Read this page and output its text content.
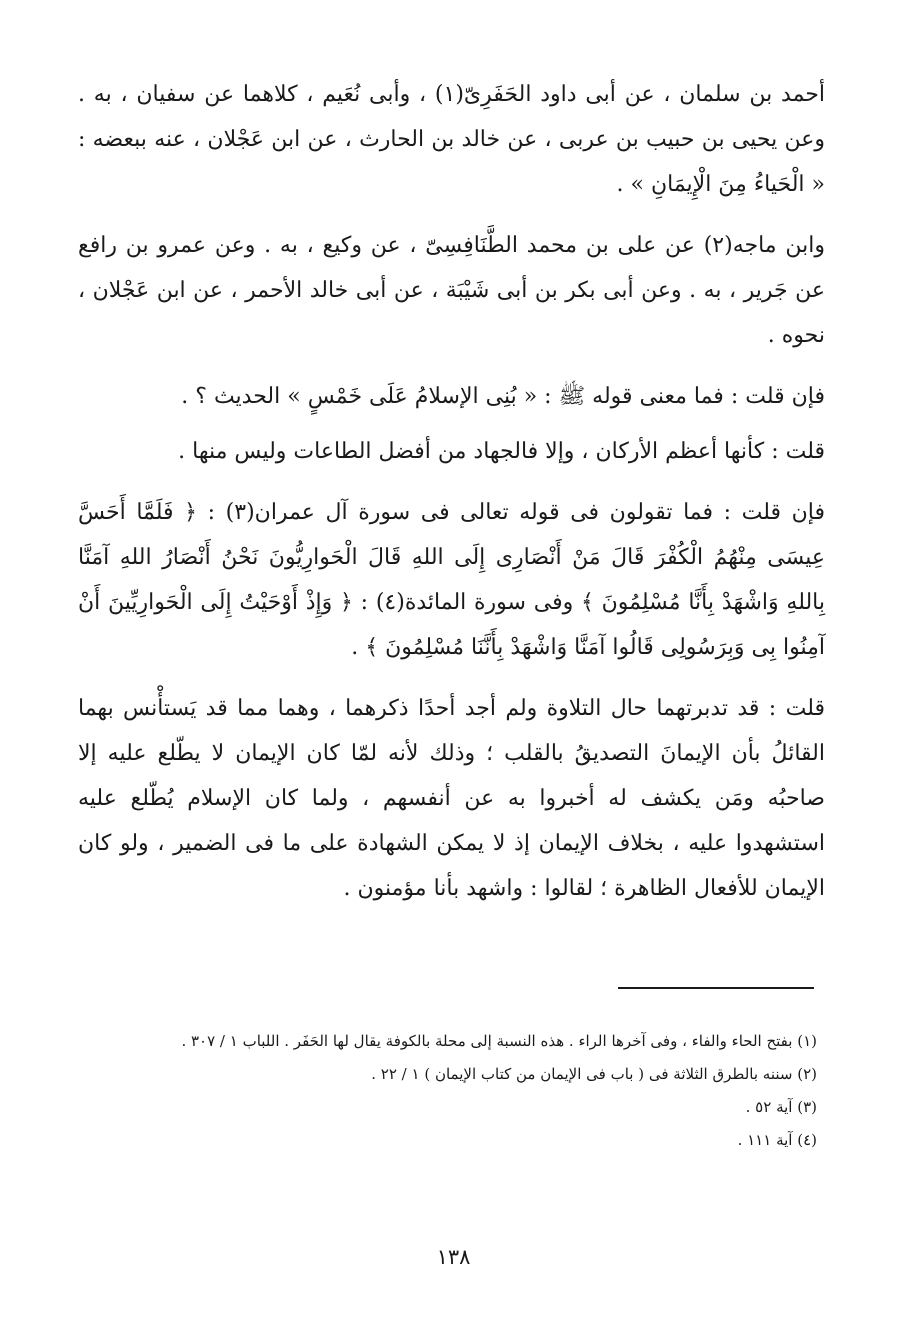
أحمد بن سلمان ، عن أبى داود الحَفَرِىّ(١) ، وأبى نُعَيم ، كلاهما عن سفيان ، به . وعن يحيى بن حبيب بن عربى ، عن خالد بن الحارث ، عن ابن عَجْلان ، عنه ببعضه : « الْحَياءُ مِنَ الْإِيمَانِ » .

وابن ماجه(٢) عن على بن محمد الطَّنَافِسِىّ ، عن وكيع ، به . وعن عمرو بن رافع عن جَرير ، به . وعن أبى بكر بن أبى شَيْبَة ، عن أبى خالد الأحمر ، عن ابن عَجْلان ، نحوه .

فإن قلت : فما معنى قوله ﷺ : « بُنِى الإسلامُ عَلَى خَمْسٍ » الحديث ؟ .

قلت : كأنها أعظم الأركان ، وإلا فالجهاد من أفضل الطاعات وليس منها .

فإن قلت : فما تقولون فى قوله تعالى فى سورة آل عمران(٣) : ﴿ فَلَمَّا أَحَسَّ عِيسَى مِنْهُمُ الْكُفْرَ قَالَ مَنْ أَنْصَارِى إِلَى اللهِ قَالَ الْحَوارِيُّونَ نَحْنُ أَنْصَارُ اللهِ آمَنَّا بِاللهِ وَاشْهَدْ بِأَنَّا مُسْلِمُونَ ﴾ وفى سورة المائدة(٤) : ﴿ وَإِذْ أَوْحَيْتُ إِلَى الْحَوارِيِّينَ أَنْ آمِنُوا بِى وَبِرَسُولِى قَالُوا آمَنَّا وَاشْهَدْ بِأَنَّنَا مُسْلِمُونَ ﴾ .

قلت : قد تدبرتهما حال التلاوة ولم أجد أحدًا ذكرهما ، وهما مما قد يَستأْنس بهما القائلُ بأن الإيمانَ التصديقُ بالقلب ؛ وذلك لأنه لمّا كان الإيمان لا يطّلع عليه إلا صاحبُه ومَن يكشف له أخبروا به عن أنفسهم ، ولما كان الإسلام يُطّلع عليه استشهدوا عليه ، بخلاف الإيمان إذ لا يمكن الشهادة على ما فى الضمير ، ولو كان الإيمان للأفعال الظاهرة ؛ لقالوا : واشهد بأنا مؤمنون .

(١) بفتح الحاء والفاء ، وفى آخرها الراء . هذه النسبة إلى محلة بالكوفة يقال لها الحَفَر . اللباب ١ / ٣٠٧ .

(٢) سننه بالطرق الثلاثة فى ( باب فى الإيمان من كتاب الإيمان ) ١ / ٢٢ .

(٣) آية ٥٢ .

(٤) آية ١١١ .

١٣٨
